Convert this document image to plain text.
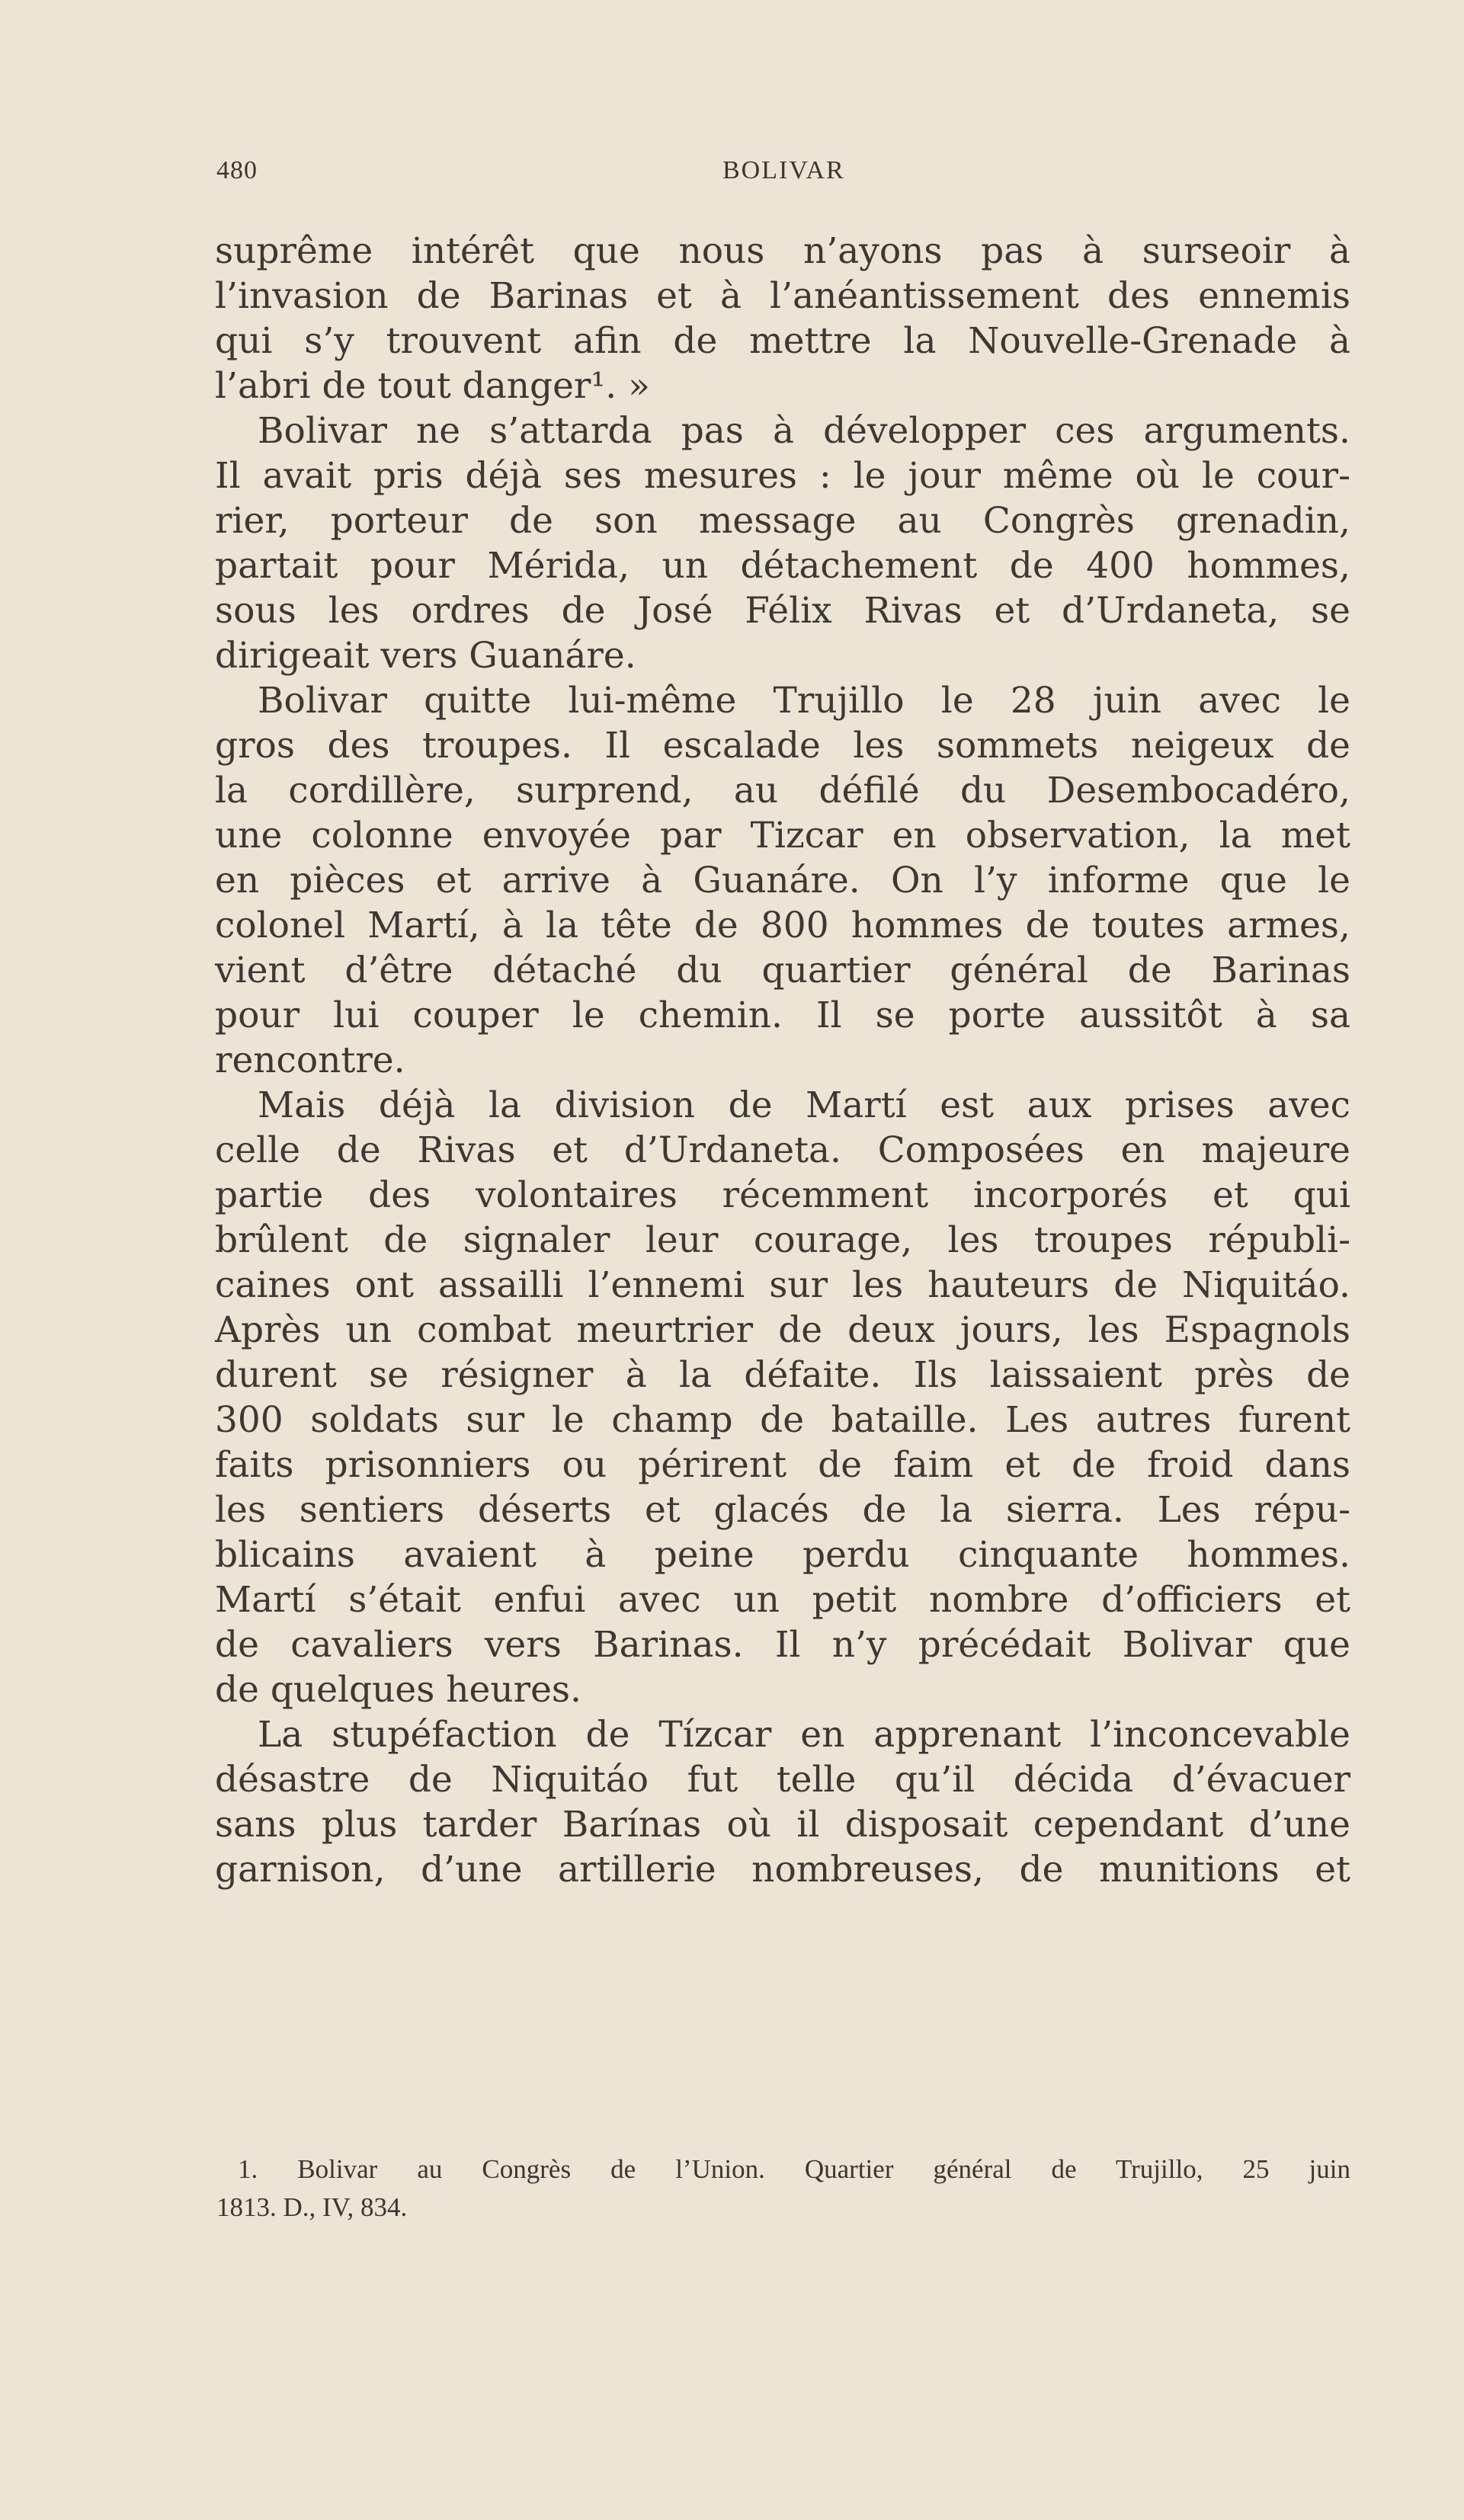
480	BOLIVAR
suprême intérêt que nous n’ayons pas à surseoir à
l’invasion de Barinas et à l’anéantissement des ennemis
qui s’y trouvent afin de mettre la Nouvelle-Grenade à
l’abri de tout danger¹. »
Bolivar ne s’attarda pas à développer ces arguments.
Il avait pris déjà ses mesures : le jour même où le cour-
rier, porteur de son message au Congrès grenadin,
partait pour Mérida, un détachement de 400 hommes,
sous les ordres de José Félix Rivas et d’Urdaneta, se
dirigeait vers Guanáre.
Bolivar quitte lui-même Trujillo le 28 juin avec le
gros des troupes. Il escalade les sommets neigeux de
la cordillère, surprend, au défilé du Desembocadéro,
une colonne envoyée par Tizcar en observation, la met
en pièces et arrive à Guanáre. On l’y informe que le
colonel Martí, à la tête de 800 hommes de toutes armes,
vient d’être détaché du quartier général de Barinas
pour lui couper le chemin. Il se porte aussitôt à sa
rencontre.
Mais déjà la division de Martí est aux prises avec
celle de Rivas et d’Urdaneta. Composées en majeure
partie des volontaires récemment incorporés et qui
brûlent de signaler leur courage, les troupes républi-
caines ont assailli l’ennemi sur les hauteurs de Niquitáo.
Après un combat meurtrier de deux jours, les Espagnols
durent se résigner à la défaite. Ils laissaient près de
300 soldats sur le champ de bataille. Les autres furent
faits prisonniers ou périrent de faim et de froid dans
les sentiers déserts et glacés de la sierra. Les répu-
blicains avaient à peine perdu cinquante hommes.
Martí s’était enfui avec un petit nombre d’officiers et
de cavaliers vers Barinas. Il n’y précédait Bolivar que
de quelques heures.
La stupéfaction de Tízcar en apprenant l’inconcevable
désastre de Niquitáo fut telle qu’il décida d’évacuer
sans plus tarder Barínas où il disposait cependant d’une
garnison, d’une artillerie nombreuses, de munitions et
1. Bolivar au Congrès de l’Union. Quartier général de Trujillo, 25 juin
1813. D., IV, 834.
